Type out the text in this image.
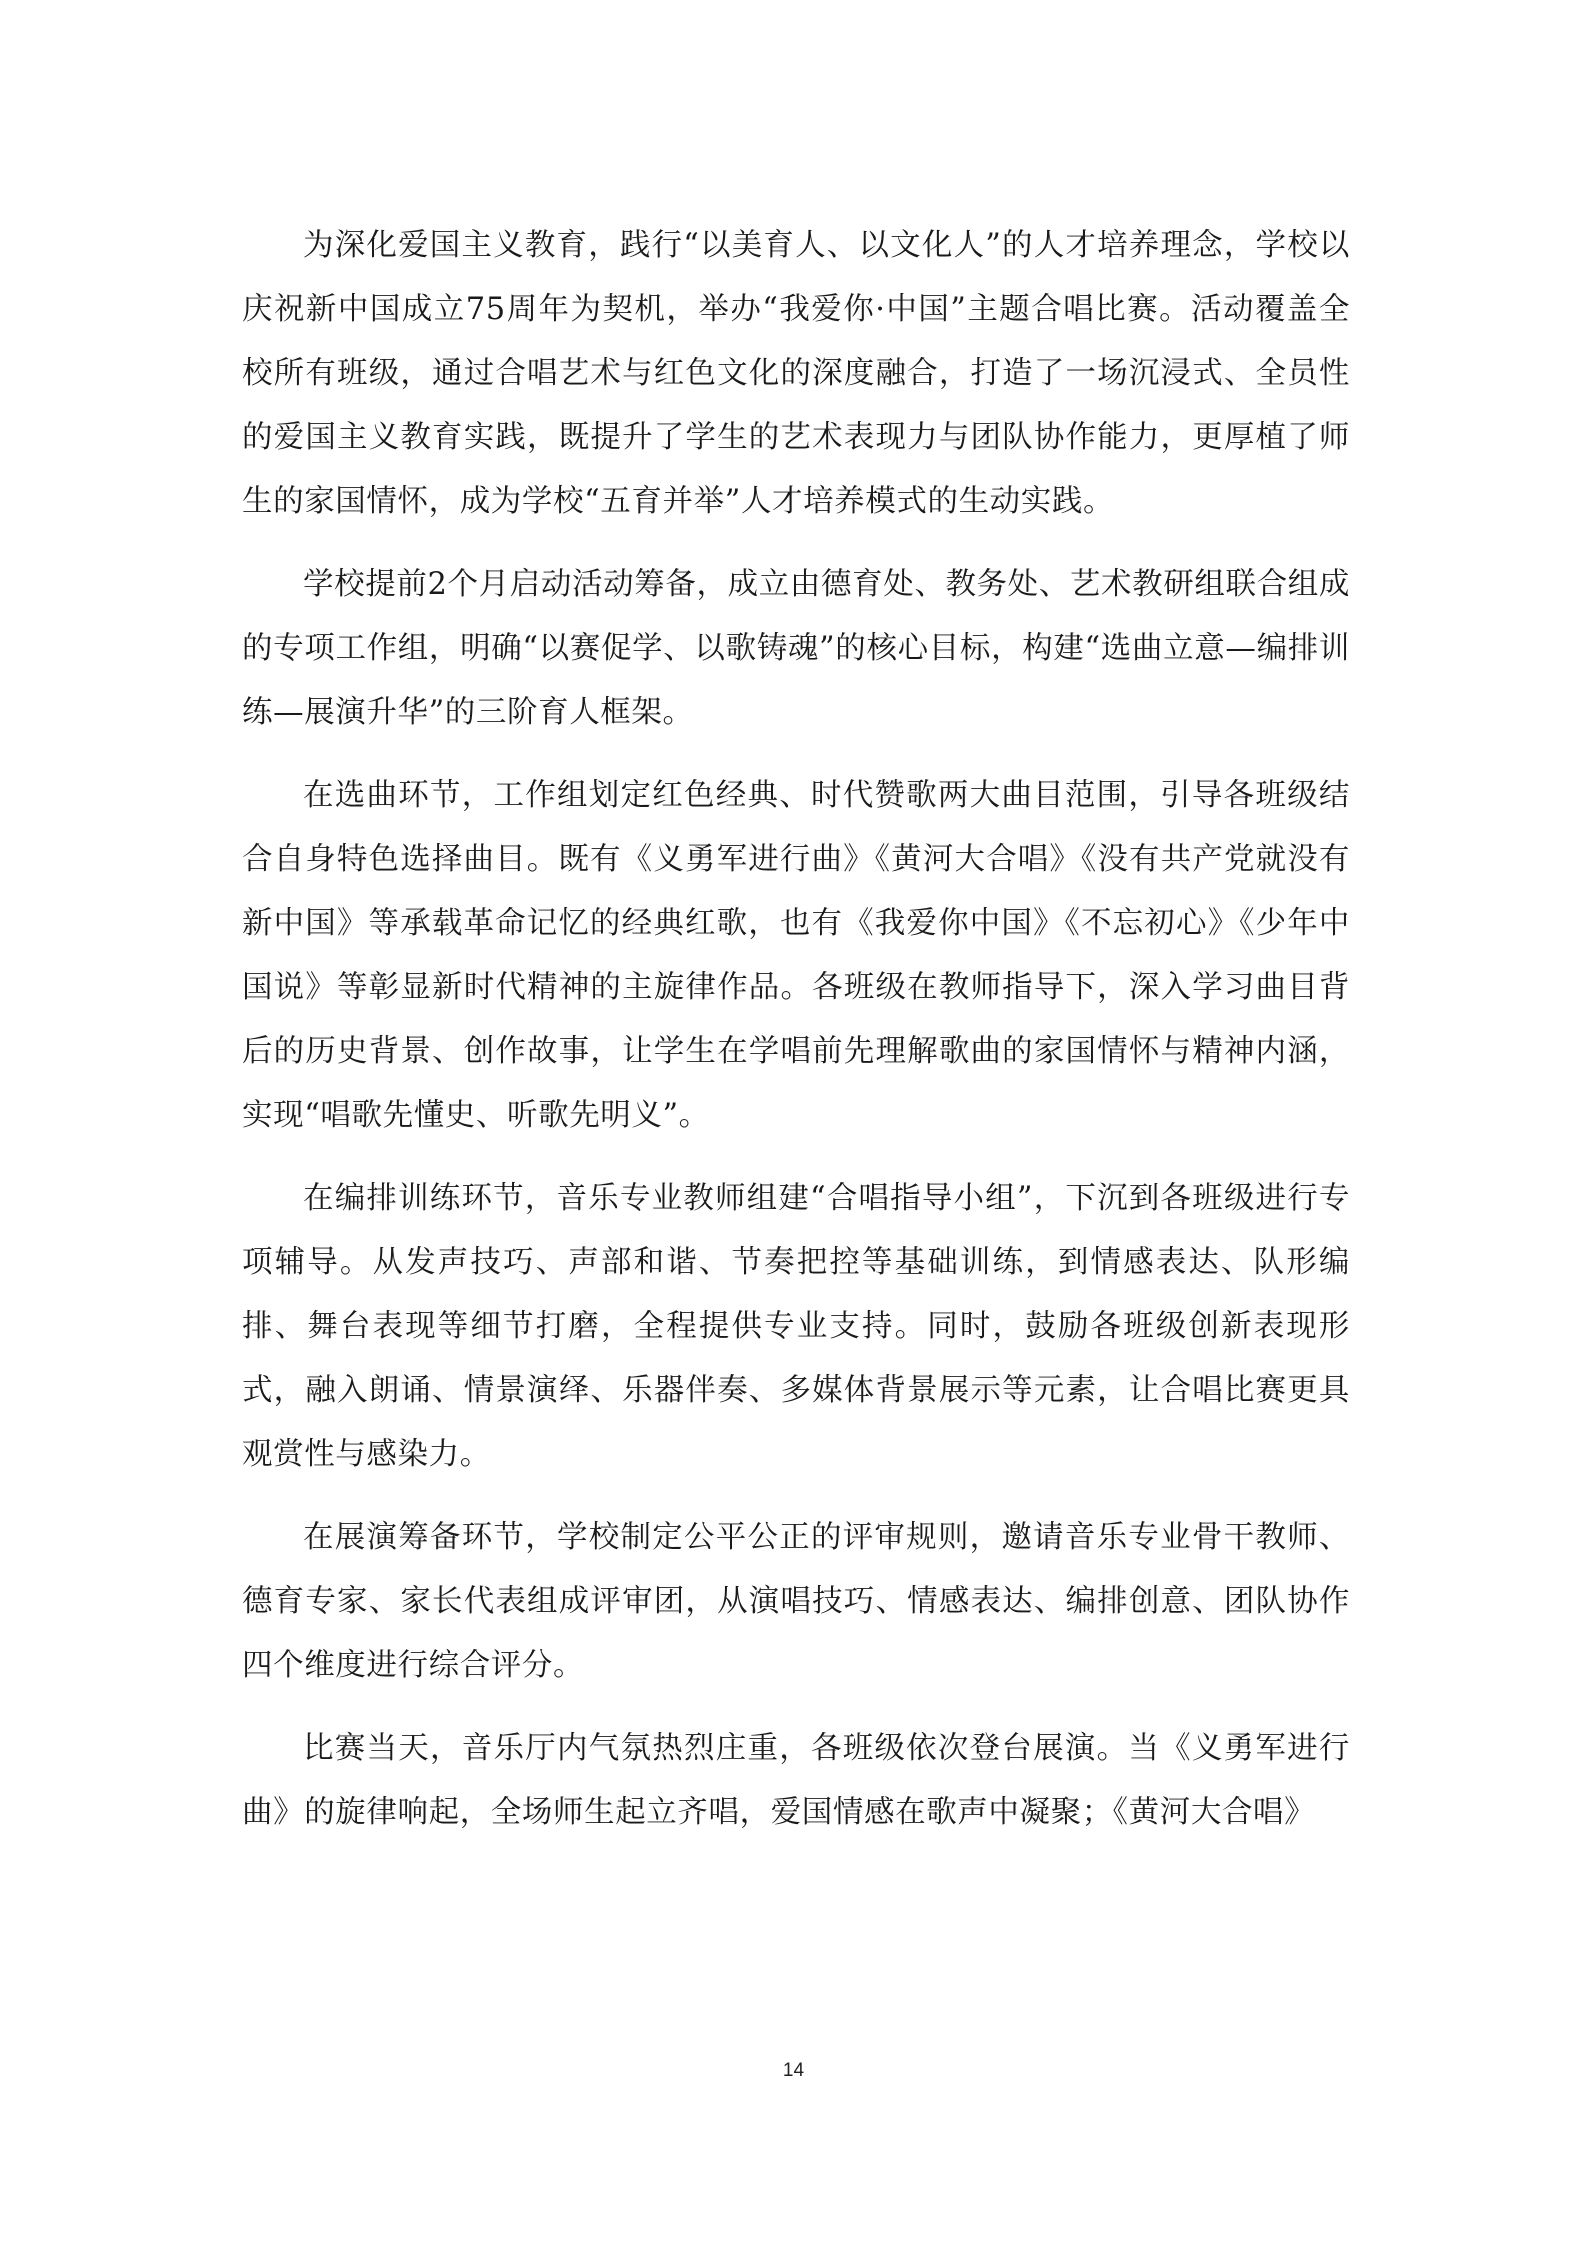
为深化爱国主义教育，践行“以美育人、以文化人”的人才培养理念，学校以庆祝新中国成立75周年为契机，举办“我爱你·中国”主题合唱比赛。活动覆盖全校所有班级，通过合唱艺术与红色文化的深度融合，打造了一场沉浸式、全员性的爱国主义教育实践，既提升了学生的艺术表现力与团队协作能力，更厚植了师生的家国情怀，成为学校“五育并举”人才培养模式的生动实践。

学校提前2个月启动活动筹备，成立由德育处、教务处、艺术教研组联合组成的专项工作组，明确“以赛促学、以歌铸魂”的核心目标，构建“选曲立意—编排训练—展演升华”的三阶育人框架。

在选曲环节，工作组划定红色经典、时代赞歌两大曲目范围，引导各班级结合自身特色选择曲目。既有《义勇军进行曲》《黄河大合唱》《没有共产党就没有新中国》等承载革命记忆的经典红歌，也有《我爱你中国》《不忘初心》《少年中国说》等彰显新时代精神的主旋律作品。各班级在教师指导下，深入学习曲目背后的历史背景、创作故事，让学生在学唱前先理解歌曲的家国情怀与精神内涵，实现“唱歌先懂史、听歌先明义”。

在编排训练环节，音乐专业教师组建“合唱指导小组”，下沉到各班级进行专项辅导。从发声技巧、声部和谐、节奏把控等基础训练，到情感表达、队形编排、舞台表现等细节打磨，全程提供专业支持。同时，鼓励各班级创新表现形式，融入朗诵、情景演绎、乐器伴奏、多媒体背景展示等元素，让合唱比赛更具观赏性与感染力。

在展演筹备环节，学校制定公平公正的评审规则，邀请音乐专业骨干教师、德育专家、家长代表组成评审团，从演唱技巧、情感表达、编排创意、团队协作四个维度进行综合评分。

比赛当天，音乐厅内气氛热烈庄重，各班级依次登台展演。当《义勇军进行曲》的旋律响起，全场师生起立齐唱，爱国情感在歌声中凝聚；《黄河大合唱》

14
